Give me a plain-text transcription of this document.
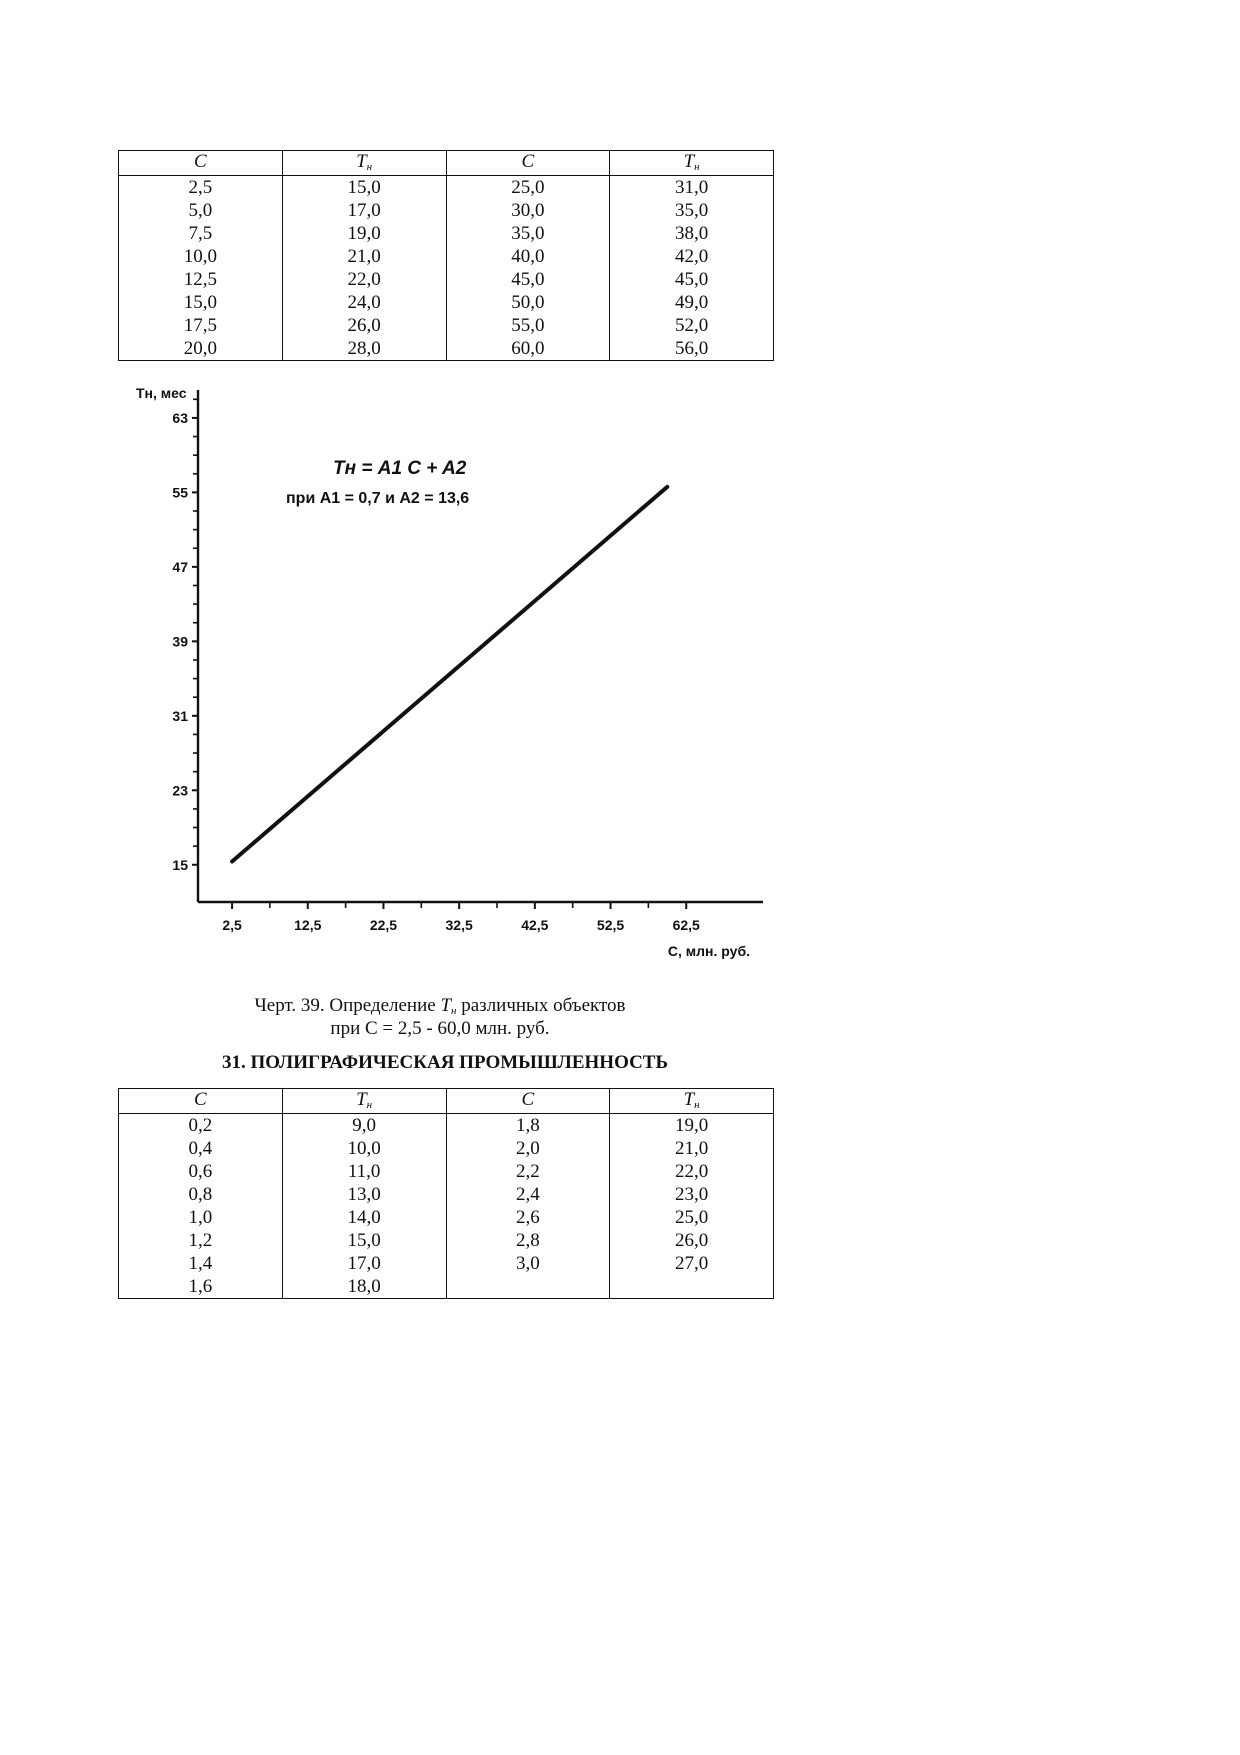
C	Tн	C	Tн
2,5	15,0	25,0	31,0
5,0	17,0	30,0	35,0
7,5	19,0	35,0	38,0
10,0	21,0	40,0	42,0
12,5	22,0	45,0	45,0
15,0	24,0	50,0	49,0
17,5	26,0	55,0	52,0
20,0	28,0	60,0	56,0
15
23
31
39
47
55
63
2,5	12,5	22,5	32,5	42,5	52,5	62,5
Tн, мес
C, млн. руб.
Tн = A1 C + A2
при A1 = 0,7 и A2 = 13,6
Черт. 39. Определение Tн различных объектов
при С = 2,5 - 60,0 млн. руб.
31. ПОЛИГРАФИЧЕСКАЯ ПРОМЫШЛЕННОСТЬ
C	Tн	C	Tн
0,2	9,0	1,8	19,0
0,4	10,0	2,0	21,0
0,6	11,0	2,2	22,0
0,8	13,0	2,4	23,0
1,0	14,0	2,6	25,0
1,2	15,0	2,8	26,0
1,4	17,0	3,0	27,0
1,6	18,0		
